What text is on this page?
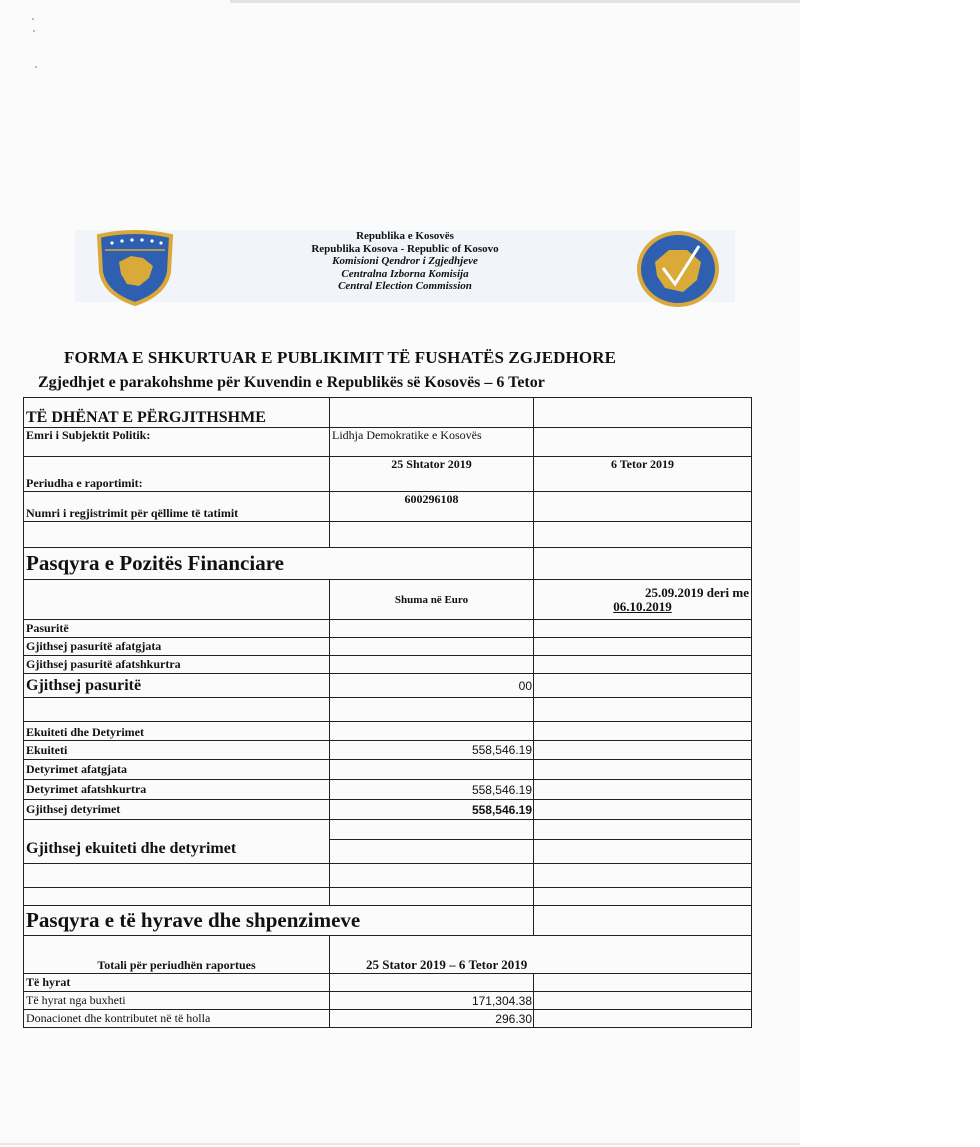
Republika e Kosovës
Republika Kosova - Republic of Kosovo
Komisioni Qendror i Zgjedhjeve
Centralna Izborna Komisija
Central Election Commission
FORMA E SHKURTUAR E PUBLIKIMIT TË FUSHATËS ZGJEDHORE
Zgjedhjet e parakohshme për Kuvendin e Republikës së Kosovës – 6 Tetor
TË DHËNAT E PËRGJITHSHME		
Emri i Subjektit Politik:	Lidhja Demokratike e Kosovës	
Periudha e raportimit:	25 Shtator 2019	6 Tetor 2019
Numri i regjistrimit për qëllime të tatimit	600296108	

Pasqyra e Pozitës Financiare		
	Shuma në Euro	25.09.2019 deri me
06.10.2019

Pasuritë		
Gjithsej pasuritë afatgjata		
Gjithsej pasuritë afatshkurtra		
Gjithsej pasuritë	00	

Ekuiteti dhe Detyrimet		
Ekuiteti	558,546.19	
Detyrimet afatgjata		
Detyrimet afatshkurtra	558,546.19	
Gjithsej detyrimet	558,546.19	

Gjithsej ekuiteti dhe detyrimet		

Pasqyra e të hyrave dhe shpenzimeve		
Totali për periudhën raportues	25 Stator 2019 – 6 Tetor 2019	
Të hyrat		
Të hyrat nga buxheti	171,304.38	
Donacionet dhe kontributet në të holla	296.30	
